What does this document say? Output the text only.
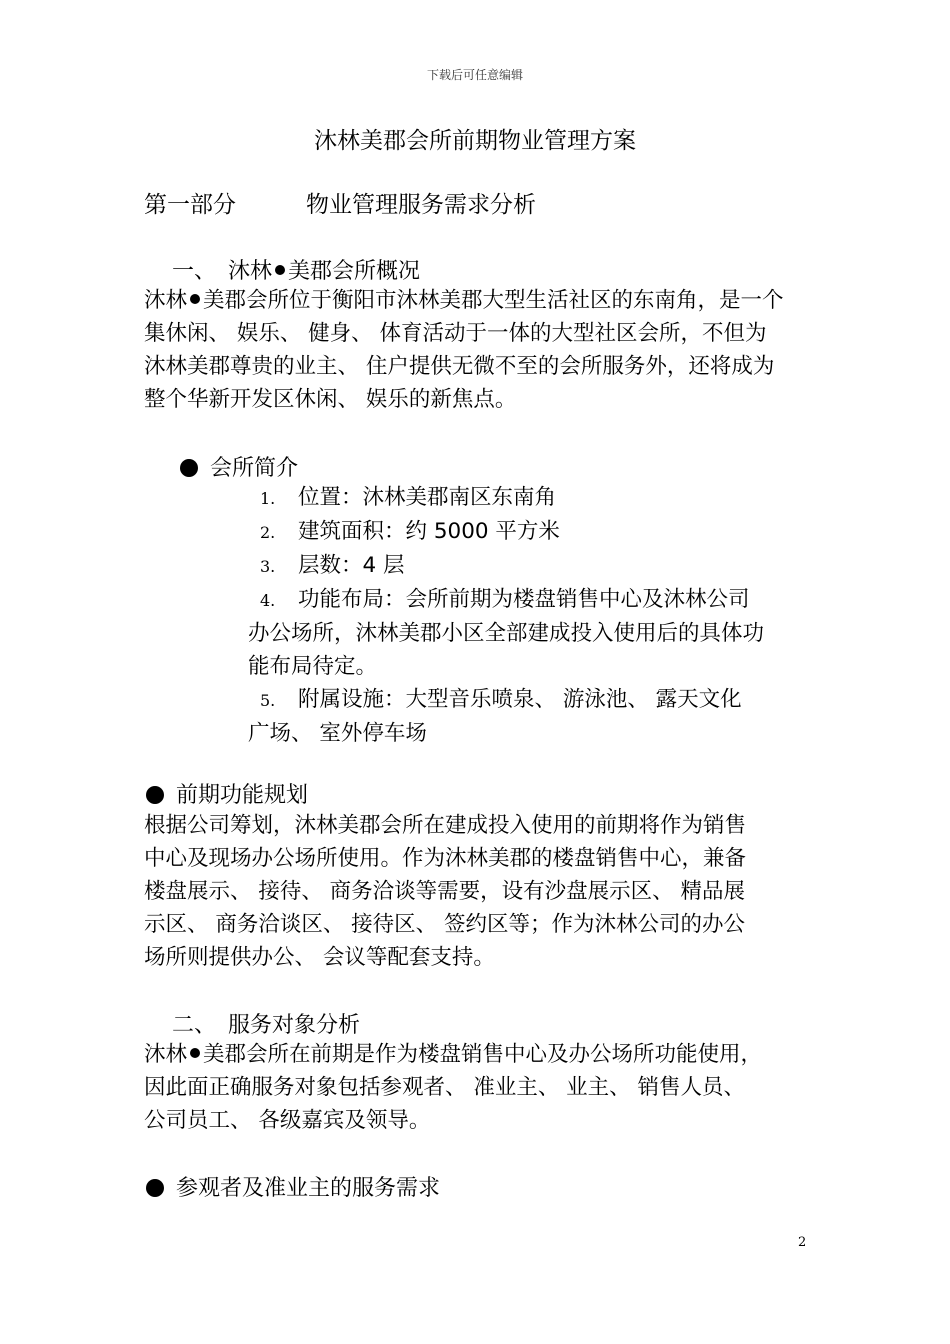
下载后可任意编辑
沐林美郡会所前期物业管理方案
第一部分	物业管理服务需求分析
一、 沐林 美郡会所概况
沐林 美郡会所位于衡阳市沐林美郡大型生活社区的东南角，是一个
集休闲、 娱乐、 健身、 体育活动于一体的大型社区会所，不但为
沐林美郡尊贵的业主、 住户提供无微不至的会所服务外，还将成为
整个华新开发区休闲、 娱乐的新焦点。
会所简介
1. 位置：沐林美郡南区东南角
2. 建筑面积：约 5000 平方米
3. 层数：4 层
4. 功能布局：会所前期为楼盘销售中心及沐林公司
办公场所，沐林美郡小区全部建成投入使用后的具体功
能布局待定。
5. 附属设施：大型音乐喷泉、 游泳池、 露天文化
广场、 室外停车场
前期功能规划
根据公司筹划，沐林美郡会所在建成投入使用的前期将作为销售
中心及现场办公场所使用。作为沐林美郡的楼盘销售中心，兼备
楼盘展示、 接待、 商务洽谈等需要，设有沙盘展示区、 精品展
示区、 商务洽谈区、 接待区、 签约区等；作为沐林公司的办公
场所则提供办公、 会议等配套支持。
二、 服务对象分析
沐林 美郡会所在前期是作为楼盘销售中心及办公场所功能使用，
因此面正确服务对象包括参观者、 准业主、 业主、 销售人员、
公司员工、 各级嘉宾及领导。
参观者及准业主的服务需求
2
